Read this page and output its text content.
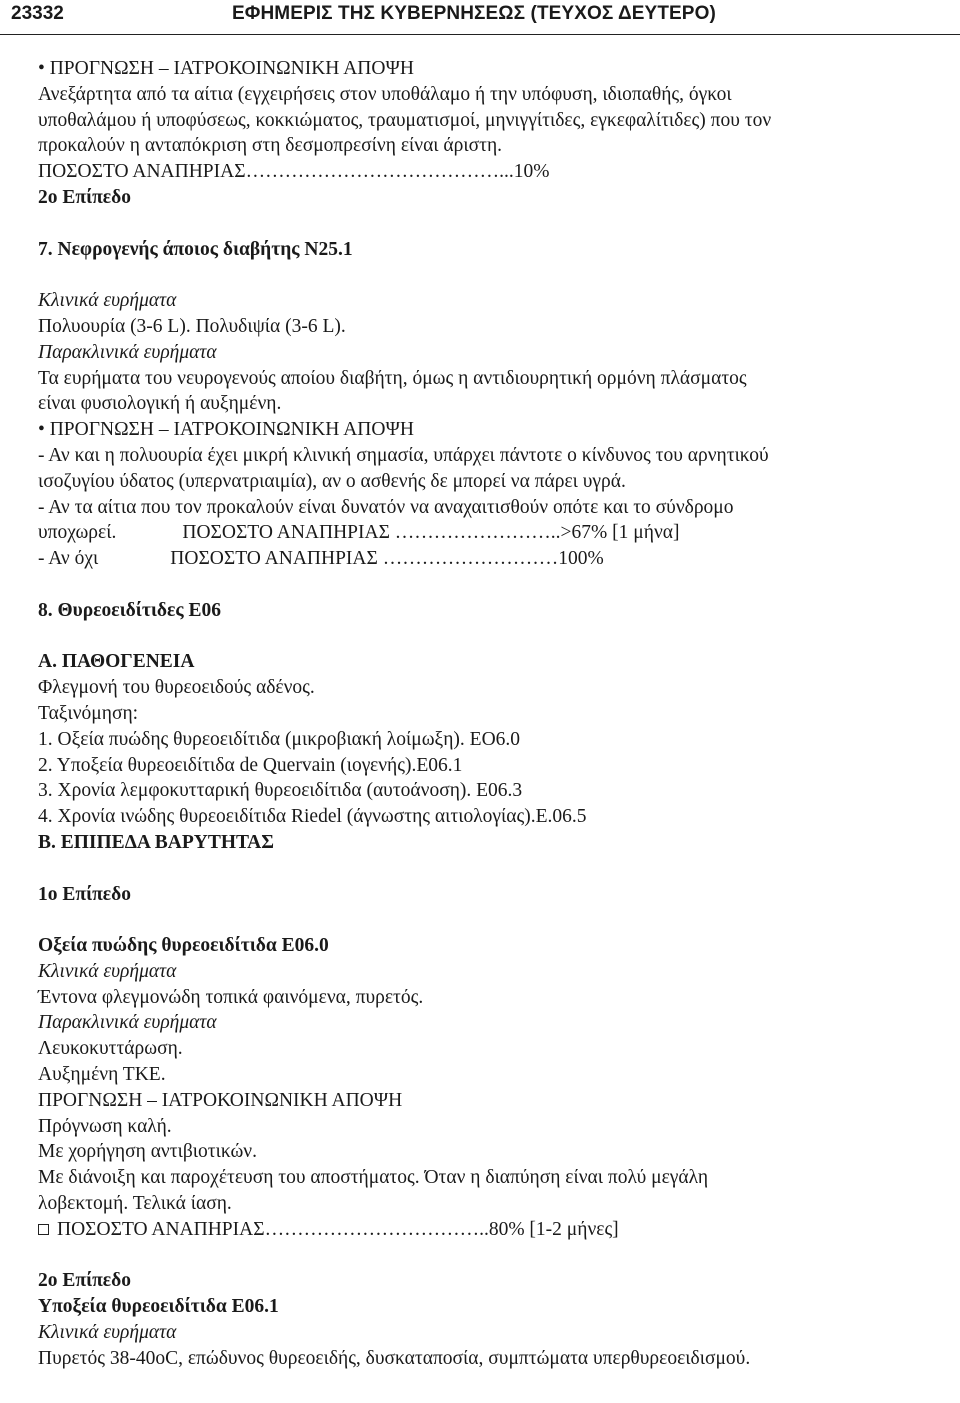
23332	ΕΦΗΜΕΡΙΣ ΤΗΣ ΚΥΒΕΡΝΗΣΕΩΣ (ΤΕΥΧΟΣ ΔΕΥΤΕΡΟ)
• ΠΡΟΓΝΩΣΗ – ΙΑΤΡΟΚΟΙΝΩΝΙΚΗ ΑΠΟΨΗ
Ανεξάρτητα από τα αίτια (εγχειρήσεις στον υποθάλαμο ή την υπόφυση, ιδιοπαθής, όγκοι
υποθαλάμου ή υποφύσεως, κοκκιώματος, τραυματισμοί, μηνιγγίτιδες, εγκεφαλίτιδες) που τον
προκαλούν η ανταπόκριση στη δεσμοπρεσίνη είναι άριστη.
ΠΟΣΟΣΤΟ ΑΝΑΠΗΡΙΑΣ…………………………………...10%
2ο Επίπεδο
7. Νεφρογενής άποιος διαβήτης Ν25.1
Κλινικά ευρήματα
Πολυουρία (3-6 L). Πολυδιψία (3-6 L).
Παρακλινικά ευρήματα
Τα ευρήματα του νευρογενούς αποίου διαβήτη, όμως η αντιδιουρητική ορμόνη πλάσματος
είναι φυσιολογική ή αυξημένη.
• ΠΡΟΓΝΩΣΗ – ΙΑΤΡΟΚΟΙΝΩΝΙΚΗ ΑΠΟΨΗ
- Αν και η πολυουρία έχει μικρή κλινική σημασία, υπάρχει πάντοτε ο κίνδυνος του αρνητικού
ισοζυγίου ύδατος (υπερνατριαιμία), αν ο ασθενής δε μπορεί να πάρει υγρά.
- Αν τα αίτια που τον προκαλούν είναι δυνατόν να αναχαιτισθούν οπότε και το σύνδρομο
υποχωρεί.	ΠΟΣΟΣΤΟ ΑΝΑΠΗΡΙΑΣ ……………………..>67% [1 μήνα]
- Αν όχι	ΠΟΣΟΣΤΟ ΑΝΑΠΗΡΙΑΣ ………………………100%
8. Θυρεοειδίτιδες Ε06
Α. ΠΑΘΟΓΕΝΕΙΑ
Φλεγμονή του θυρεοειδούς αδένος.
Ταξινόμηση:
1. Οξεία πυώδης θυρεοειδίτιδα (μικροβιακή λοίμωξη). ΕΟ6.0
2. Υποξεία θυρεοειδίτιδα de Quervain (ιογενής).Ε06.1
3. Χρονία λεμφοκυτταρική θυρεοειδίτιδα (αυτοάνοση). Ε06.3
4. Χρονία ινώδης θυρεοειδίτιδα Riedel (άγνωστης αιτιολογίας).Ε.06.5
Β. ΕΠΙΠΕΔΑ ΒΑΡΥΤΗΤΑΣ
1ο Επίπεδο
Οξεία πυώδης θυρεοειδίτιδα Ε06.0
Κλινικά ευρήματα
Έντονα φλεγμονώδη τοπικά φαινόμενα, πυρετός.
Παρακλινικά ευρήματα
Λευκοκυττάρωση.
Αυξημένη ΤΚΕ.
ΠΡΟΓΝΩΣΗ – ΙΑΤΡΟΚΟΙΝΩΝΙΚΗ ΑΠΟΨΗ
Πρόγνωση καλή.
Με χορήγηση αντιβιοτικών.
Με διάνοιξη και παροχέτευση του αποστήματος. Όταν η διαπύηση είναι πολύ μεγάλη
λοβεκτομή. Τελικά ίαση.
ΠΟΣΟΣΤΟ ΑΝΑΠΗΡΙΑΣ……………………………..80% [1-2 μήνες]
2ο Επίπεδο
Υποξεία θυρεοειδίτιδα Ε06.1
Κλινικά ευρήματα
Πυρετός 38-40oC, επώδυνος θυρεοειδής, δυσκαταποσία, συμπτώματα υπερθυρεοειδισμού.
